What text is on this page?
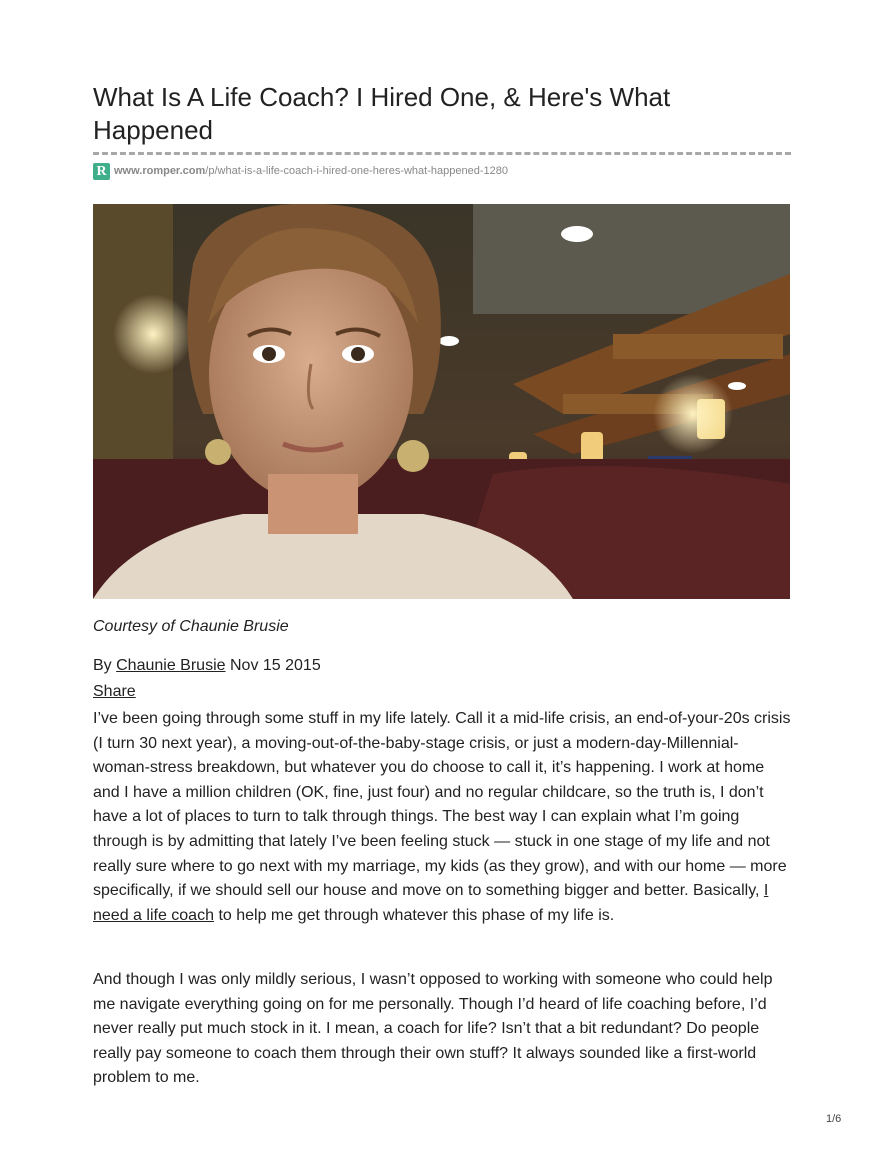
What Is A Life Coach? I Hired One, & Here's What Happened
R www.romper.com /p/what-is-a-life-coach-i-hired-one-heres-what-happened-1280
Courtesy of Chaunie Brusie
By Chaunie Brusie Nov 15 2015
Share

I’ve been going through some stuff in my life lately. Call it a mid-life crisis, an end-of-your-20s crisis (I turn 30 next year), a moving-out-of-the-baby-stage crisis, or just a modern-day-Millennial-woman-stress breakdown, but whatever you do choose to call it, it’s happening. I work at home and I have a million children (OK, fine, just four) and no regular childcare, so the truth is, I don’t have a lot of places to turn to talk through things. The best way I can explain what I’m going through is by admitting that lately I’ve been feeling stuck — stuck in one stage of my life and not really sure where to go next with my marriage, my kids (as they grow), and with our home — more specifically, if we should sell our house and move on to something bigger and better. Basically, I need a life coach to help me get through whatever this phase of my life is.

And though I was only mildly serious, I wasn’t opposed to working with someone who could help me navigate everything going on for me personally. Though I’d heard of life coaching before, I’d never really put much stock in it. I mean, a coach for life? Isn’t that a bit redundant? Do people really pay someone to coach them through their own stuff? It always sounded like a first-world problem to me.

1/6
